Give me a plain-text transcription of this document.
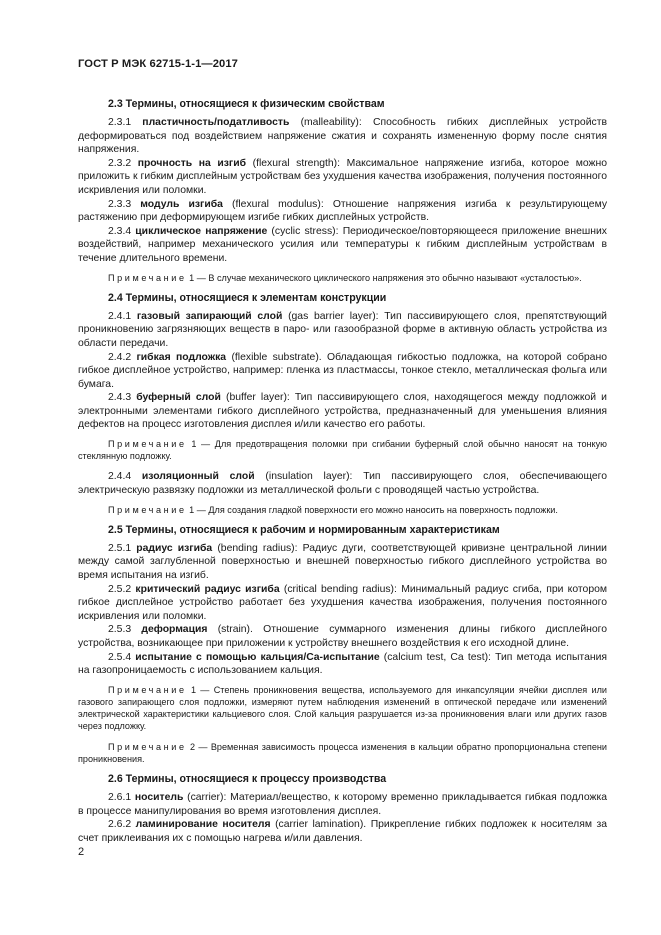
ГОСТ Р МЭК 62715-1-1—2017
2.3 Термины, относящиеся к физическим свойствам

2.3.1 пластичность/податливость (malleability): Способность гибких дисплейных устройств деформироваться под воздействием напряжение сжатия и сохранять измененную форму после снятия напряжения.

2.3.2 прочность на изгиб (flexural strength): Максимальное напряжение изгиба, которое можно приложить к гибким дисплейным устройствам без ухудшения качества изображения, получения постоянного искривления или поломки.

2.3.3 модуль изгиба (flexural modulus): Отношение напряжения изгиба к результирующему растяжению при деформирующем изгибе гибких дисплейных устройств.

2.3.4 циклическое напряжение (cyclic stress): Периодическое/повторяющееся приложение внешних воздействий, например механического усилия или температуры к гибким дисплейным устройствам в течение длительного времени.

Примечание 1 — В случае механического циклического напряжения это обычно называют «усталостью».

2.4 Термины, относящиеся к элементам конструкции

2.4.1 газовый запирающий слой (gas barrier layer): Тип пассивирующего слоя, препятствующий проникновению загрязняющих веществ в паро- или газообразной форме в активную область устройства из области передачи.

2.4.2 гибкая подложка (flexible substrate). Обладающая гибкостью подложка, на которой собрано гибкое дисплейное устройство, например: пленка из пластмассы, тонкое стекло, металлическая фольга или бумага.

2.4.3 буферный слой (buffer layer): Тип пассивирующего слоя, находящегося между подложкой и электронными элементами гибкого дисплейного устройства, предназначенный для уменьшения влияния дефектов на процесс изготовления дисплея и/или качество его работы.

Примечание 1 — Для предотвращения поломки при сгибании буферный слой обычно наносят на тонкую стеклянную подложку.

2.4.4 изоляционный слой (insulation layer): Тип пассивирующего слоя, обеспечивающего электрическую развязку подложки из металлической фольги с проводящей частью устройства.

Примечание 1 — Для создания гладкой поверхности его можно наносить на поверхность подложки.

2.5 Термины, относящиеся к рабочим и нормированным характеристикам

2.5.1 радиус изгиба (bending radius): Радиус дуги, соответствующей кривизне центральной линии между самой заглубленной поверхностью и внешней поверхностью гибкого дисплейного устройства во время испытания на изгиб.

2.5.2 критический радиус изгиба (critical bending radius): Минимальный радиус сгиба, при котором гибкое дисплейное устройство работает без ухудшения качества изображения, получения постоянного искривления или поломки.

2.5.3 деформация (strain). Отношение суммарного изменения длины гибкого дисплейного устройства, возникающее при приложении к устройству внешнего воздействия к его исходной длине.

2.5.4 испытание с помощью кальция/Ca-испытание (calcium test, Ca test): Тип метода испытания на газопроницаемость с использованием кальция.

Примечание 1 — Степень проникновения вещества, используемого для инкапсуляции ячейки дисплея или газового запирающего слоя подложки, измеряют путем наблюдения изменений в оптической передаче или изменений электрической характеристики кальциевого слоя. Слой кальция разрушается из-за проникновения влаги или других газов через подложку.

Примечание 2 — Временная зависимость процесса изменения в кальции обратно пропорциональна степени проникновения.

2.6 Термины, относящиеся к процессу производства

2.6.1 носитель (carrier): Материал/вещество, к которому временно прикладывается гибкая подложка в процессе манипулирования во время изготовления дисплея.

2.6.2 ламинирование носителя (carrier lamination). Прикрепление гибких подложек к носителям за счет приклеивания их с помощью нагрева и/или давления.

2
